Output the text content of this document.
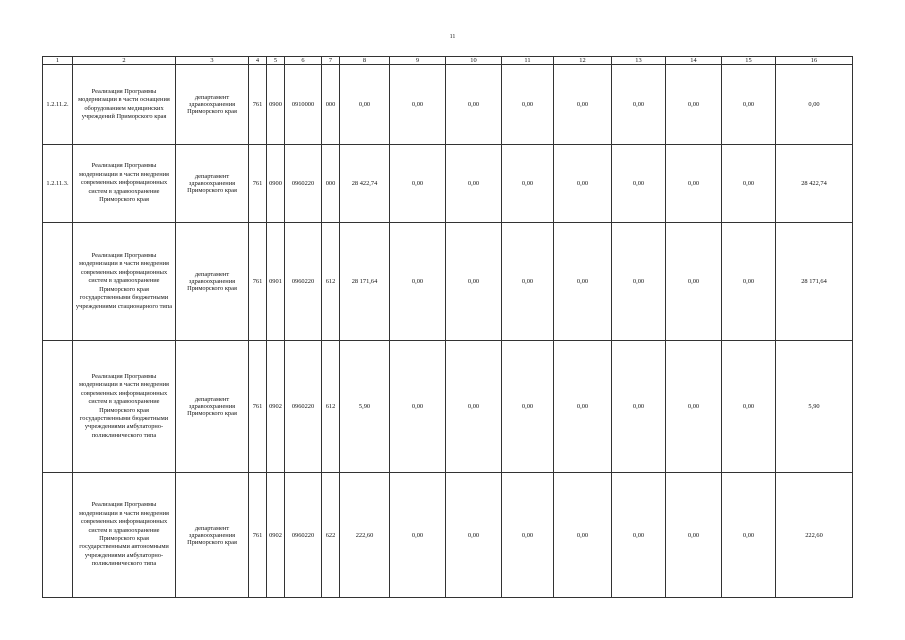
11
1	2	3	4	5	6	7	8	9	10	11	12	13	14	15	16
1.2.11.2.	Реализация Программы модернизации в части оснащения оборудованием медицинских учреждений Приморского края	департамент здравоохранения Приморского края	761	0900	0910000	000	0,00	0,00	0,00	0,00	0,00	0,00	0,00	0,00	0,00
1.2.11.3.	Реализация Программы модернизации в части внедрения современных информационных систем в здравоохранение Приморского края	департамент здравоохранения Приморского края	761	0900	0960220	000	28 422,74	0,00	0,00	0,00	0,00	0,00	0,00	0,00	28 422,74
	Реализация Программы модернизации в части внедрения современных информационных систем в здравоохранение Приморского края государственными бюджетными учреждениями стационарного типа	департамент здравоохранения Приморского края	761	0901	0960220	612	28 171,64	0,00	0,00	0,00	0,00	0,00	0,00	0,00	28 171,64
	Реализация Программы модернизации в части внедрения современных информационных систем в здравоохранение Приморского края государственными бюджетными учреждениями амбулаторно-поликлинического типа	департамент здравоохранения Приморского края	761	0902	0960220	612	5,90	0,00	0,00	0,00	0,00	0,00	0,00	0,00	5,90
	Реализация Программы модернизации в части внедрения современных информационных систем в здравоохранение Приморского края государственными автономными учреждениями амбулаторно-поликлинического типа	департамент здравоохранения Приморского края	761	0902	0960220	622	222,60	0,00	0,00	0,00	0,00	0,00	0,00	0,00	222,60
